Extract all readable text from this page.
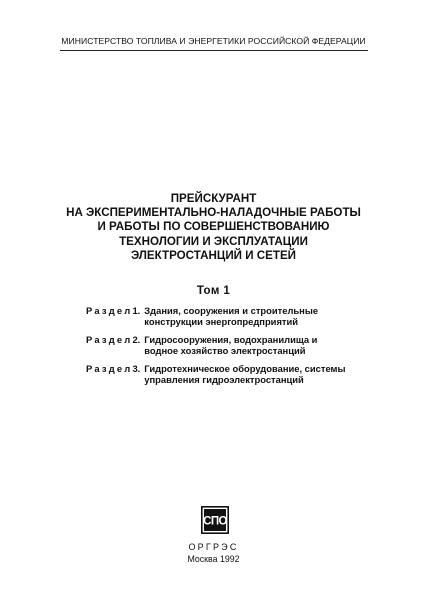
МИНИСТЕРСТВО ТОПЛИВА И ЭНЕРГЕТИКИ РОССИЙСКОЙ ФЕДЕРАЦИИ
ПРЕЙСКУРАНТ
НА ЭКСПЕРИМЕНТАЛЬНО-НАЛАДОЧНЫЕ РАБОТЫ
И РАБОТЫ ПО СОВЕРШЕНСТВОВАНИЮ
ТЕХНОЛОГИИ И ЭКСПЛУАТАЦИИ
ЭЛЕКТРОСТАНЦИЙ И СЕТЕЙ
Том 1
Раздел 1. Здания, сооружения и строительные
конструкции энергопредприятий
Раздел 2. Гидросооружения, водохранилища и
водное хозяйство электростанций
Раздел 3. Гидротехническое оборудование, системы
управления гидроэлектростанций
СПО
ОРГРЭС
Москва 1992
